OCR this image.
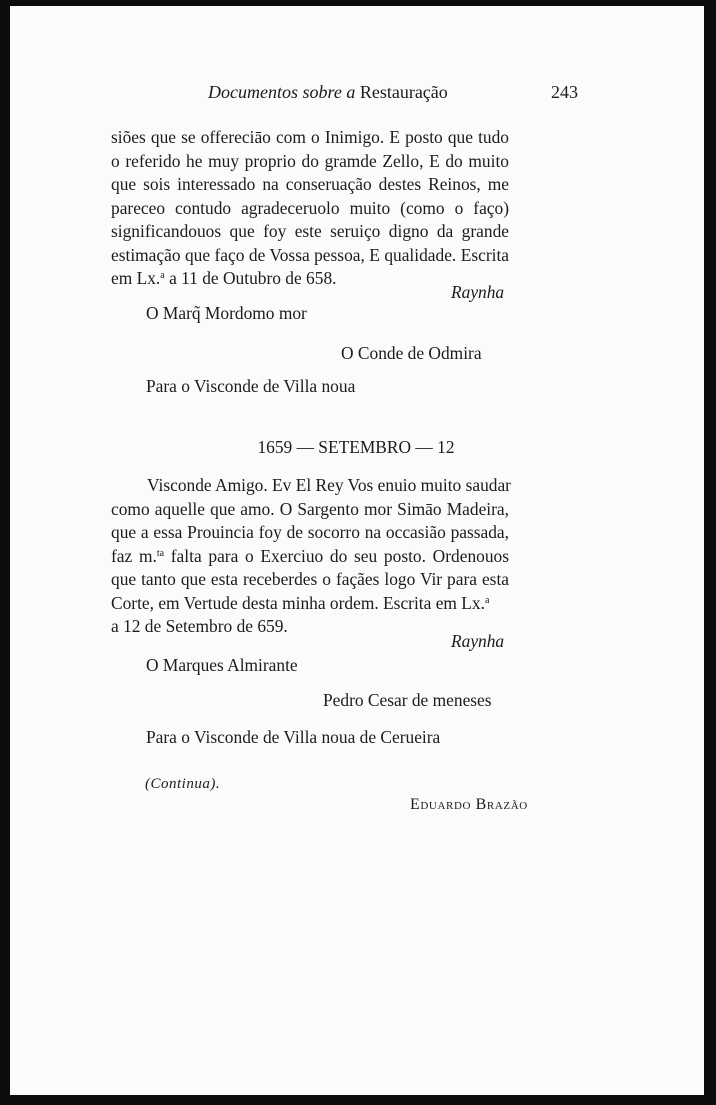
Documentos sobre a Restauração	243
siões que se offereciāo com o Inimigo. E posto que tudo
o referido he muy proprio do gramde Zello, E do muito
que sois interessado na conseruação destes Reinos, me
pareceo contudo agradeceruolo muito (como o faço)
significandouos que foy este seruiço digno da grande
estimação que faço de Vossa pessoa, E qualidade. Escrita
em Lx.$^a$ a 11 de Outubro de 658.
Raynha
O Marq̃ Mordomo mor
O Conde de Odmira
Para o Visconde de Villa noua
1659 — SETEMBRO — 12
Visconde Amigo. Ev El Rey Vos enuio muito saudar
como aquelle que amo. O Sargento mor Simāo Madeira,
que a essa Prouincia foy de socorro na occasião passada,
faz m.$^{ta}$ falta para o Exerciuo do seu posto. Ordenouos
que tanto que esta receberdes o façães logo Vir para esta
Corte, em Vertude desta minha ordem. Escrita em Lx.$^a$
a 12 de Setembro de 659.
Raynha
O Marques Almirante
Pedro Cesar de meneses
Para o Visconde de Villa noua de Cerueira
(Continua).
Eduardo Brazão
